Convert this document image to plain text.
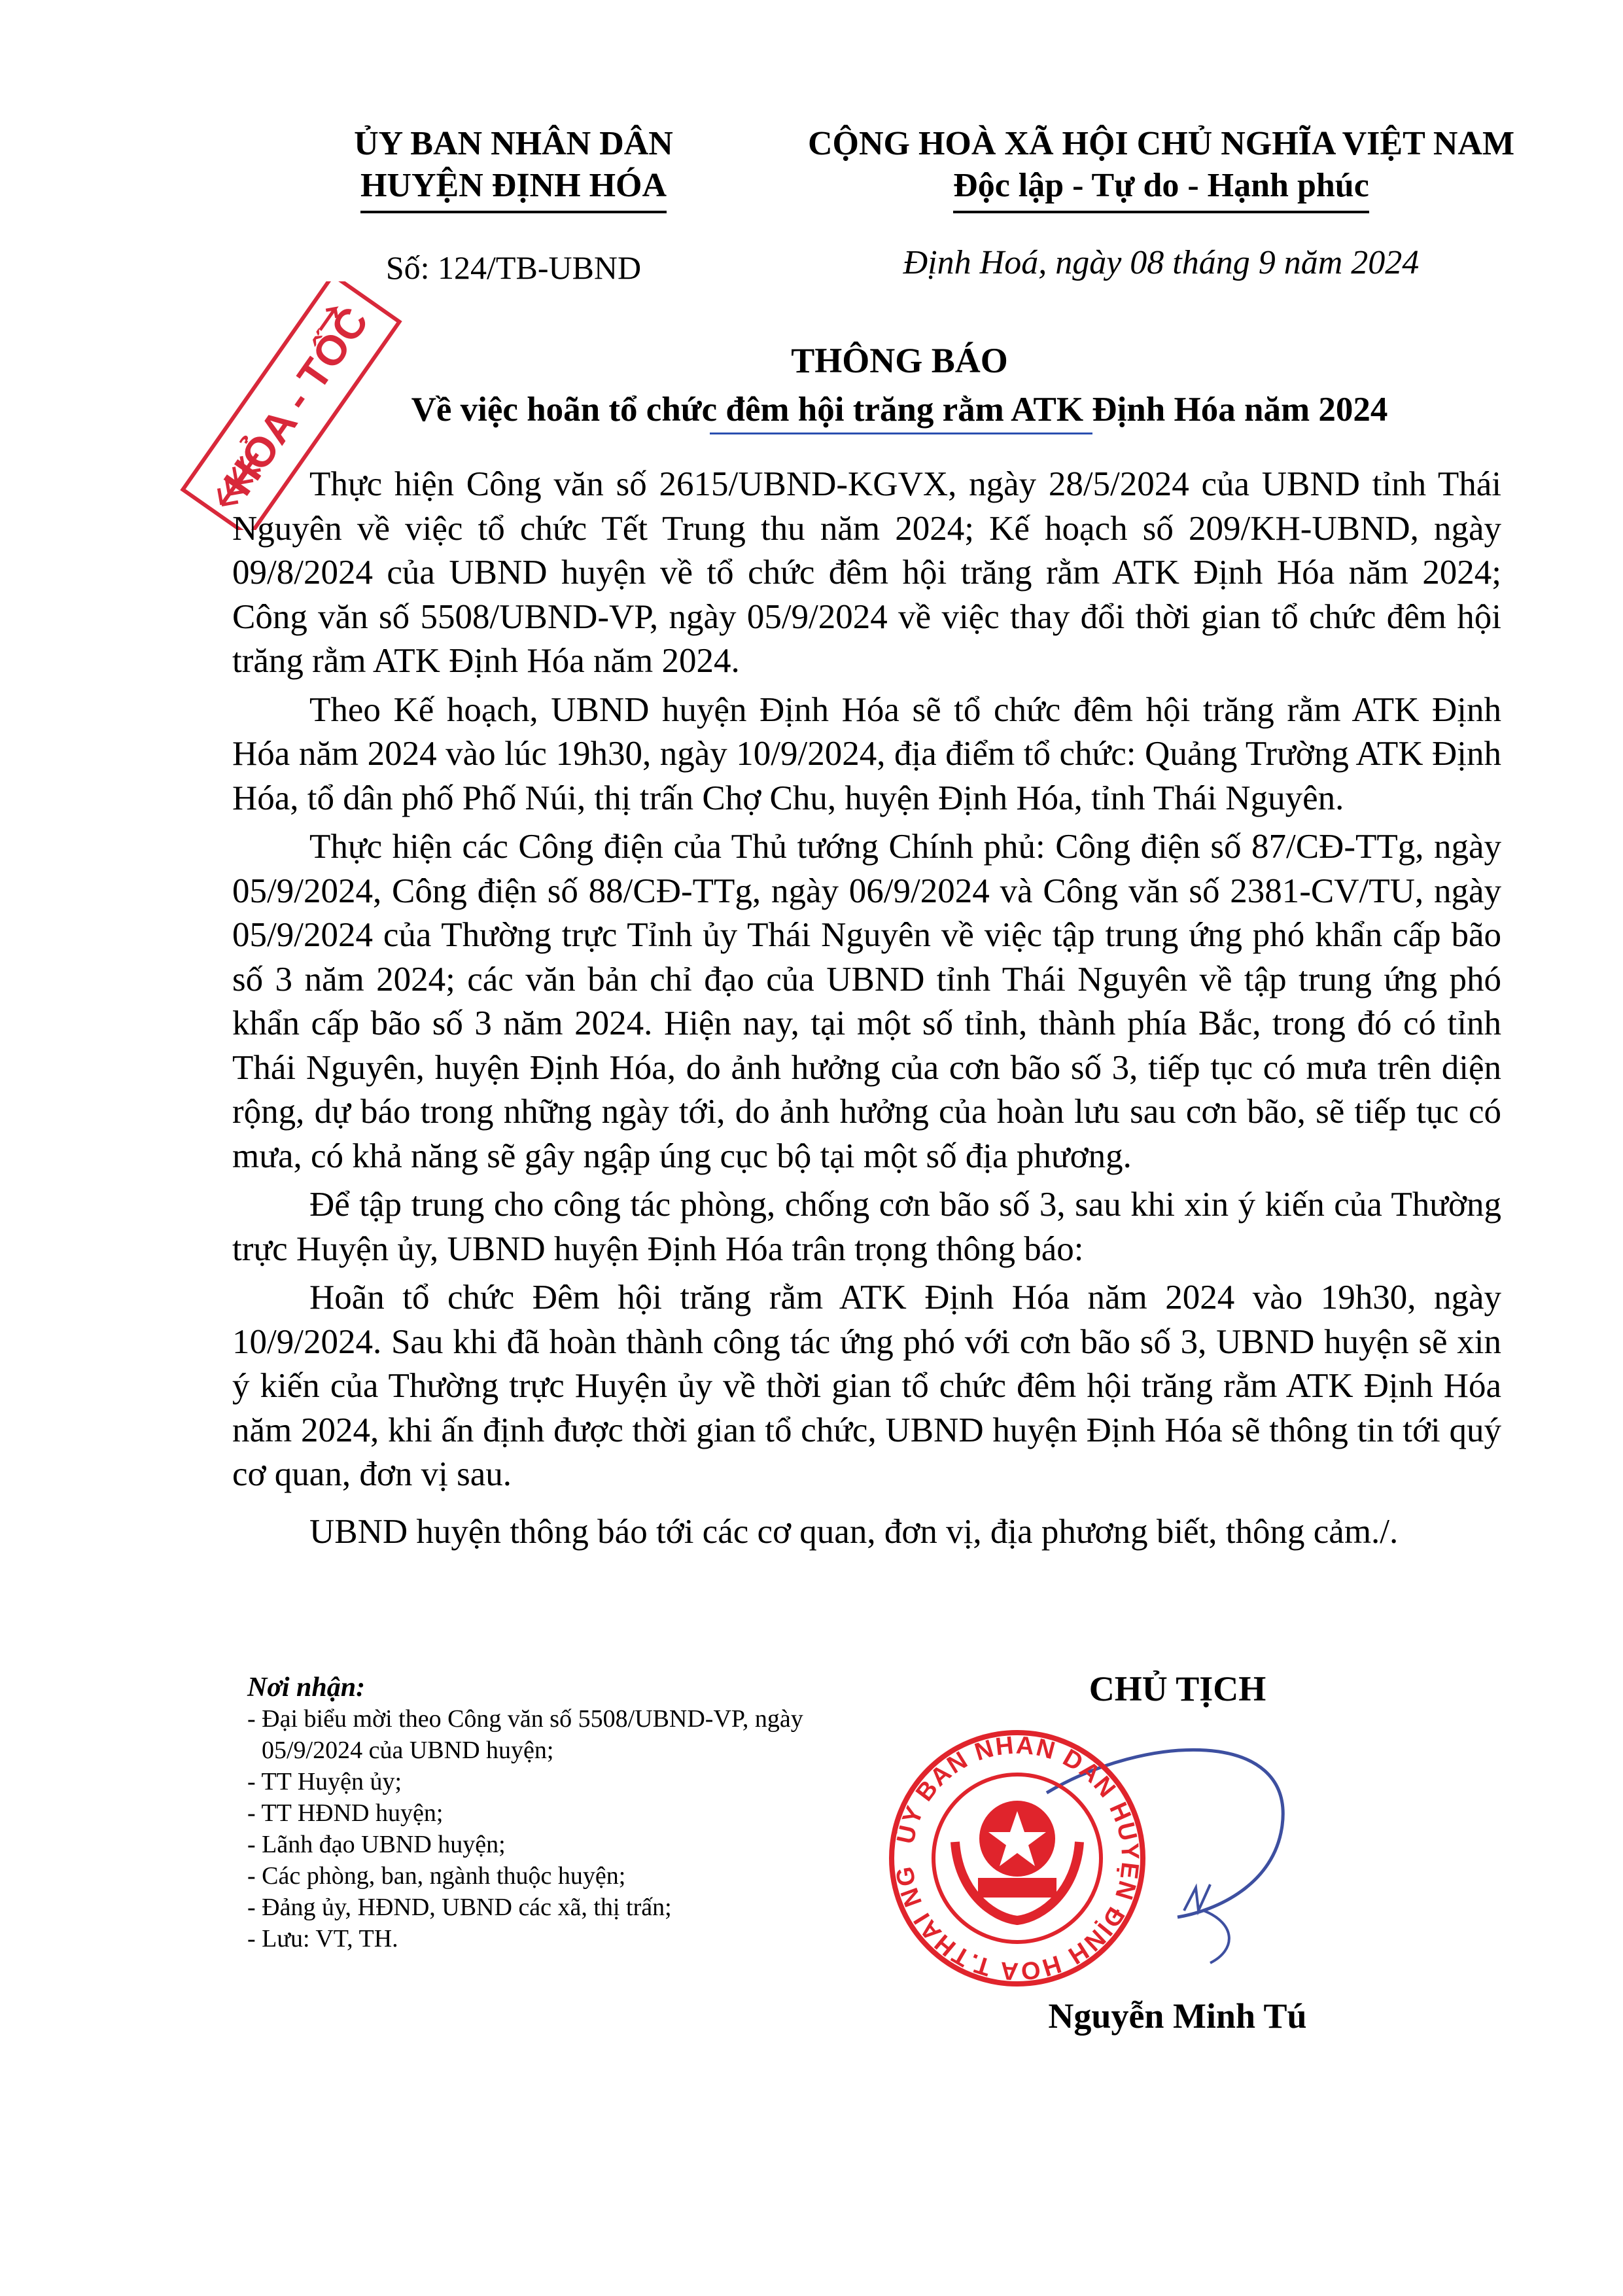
ỦY BAN NHÂN DÂN
HUYỆN ĐỊNH HÓA
Số: 124/TB-UBND
CỘNG HOÀ XÃ HỘI CHỦ NGHĨA VIỆT NAM
Độc lập - Tự do - Hạnh phúc
Định Hoá, ngày 08 tháng 9 năm 2024
HỎA - TỐC	THÔNG BÁO
Về việc hoãn tổ chức đêm hội trăng rằm ATK Định Hóa năm 2024

Thực hiện Công văn số 2615/UBND-KGVX, ngày 28/5/2024 của UBND tỉnh Thái Nguyên về việc tổ chức Tết Trung thu năm 2024; Kế hoạch số 209/KH-UBND, ngày 09/8/2024 của UBND huyện về tổ chức đêm hội trăng rằm ATK Định Hóa năm 2024; Công văn số 5508/UBND-VP, ngày 05/9/2024 về việc thay đổi thời gian tổ chức đêm hội trăng rằm ATK Định Hóa năm 2024.

Theo Kế hoạch, UBND huyện Định Hóa sẽ tổ chức đêm hội trăng rằm ATK Định Hóa năm 2024 vào lúc 19h30, ngày 10/9/2024, địa điểm tổ chức: Quảng Trường ATK Định Hóa, tổ dân phố Phố Núi, thị trấn Chợ Chu, huyện Định Hóa, tỉnh Thái Nguyên.

Thực hiện các Công điện của Thủ tướng Chính phủ: Công điện số 87/CĐ-TTg, ngày 05/9/2024, Công điện số 88/CĐ-TTg, ngày 06/9/2024 và Công văn số 2381-CV/TU, ngày 05/9/2024 của Thường trực Tỉnh ủy Thái Nguyên về việc tập trung ứng phó khẩn cấp bão số 3 năm 2024; các văn bản chỉ đạo của UBND tỉnh Thái Nguyên về tập trung ứng phó khẩn cấp bão số 3 năm 2024. Hiện nay, tại một số tỉnh, thành phía Bắc, trong đó có tỉnh Thái Nguyên, huyện Định Hóa, do ảnh hưởng của cơn bão số 3, tiếp tục có mưa trên diện rộng, dự báo trong những ngày tới, do ảnh hưởng của hoàn lưu sau cơn bão, sẽ tiếp tục có mưa, có khả năng sẽ gây ngập úng cục bộ tại một số địa phương.

Để tập trung cho công tác phòng, chống cơn bão số 3, sau khi xin ý kiến của Thường trực Huyện ủy, UBND huyện Định Hóa trân trọng thông báo:

Hoãn tổ chức Đêm hội trăng rằm ATK Định Hóa năm 2024 vào 19h30, ngày 10/9/2024. Sau khi đã hoàn thành công tác ứng phó với cơn bão số 3, UBND huyện sẽ xin ý kiến của Thường trực Huyện ủy về thời gian tổ chức đêm hội trăng rằm ATK Định Hóa năm 2024, khi ấn định được thời gian tổ chức, UBND huyện Định Hóa sẽ thông tin tới quý cơ quan, đơn vị sau.

UBND huyện thông báo tới các cơ quan, đơn vị, địa phương biết, thông cảm./.

Nơi nhận:
- Đại biểu mời theo Công văn số 5508/UBND-VP, ngày 05/9/2024 của UBND huyện;
- TT Huyện ủy;
- TT HĐND huyện;
- Lãnh đạo UBND huyện;
- Các phòng, ban, ngành thuộc huyện;
- Đảng ủy, HĐND, UBND các xã, thị trấn;
- Lưu: VT, TH.
CHỦ TỊCH
ỦY BAN NHÂN DÂN HUYỆN ĐỊNH HÓA T.THÁI NG
Nguyễn Minh Tú
